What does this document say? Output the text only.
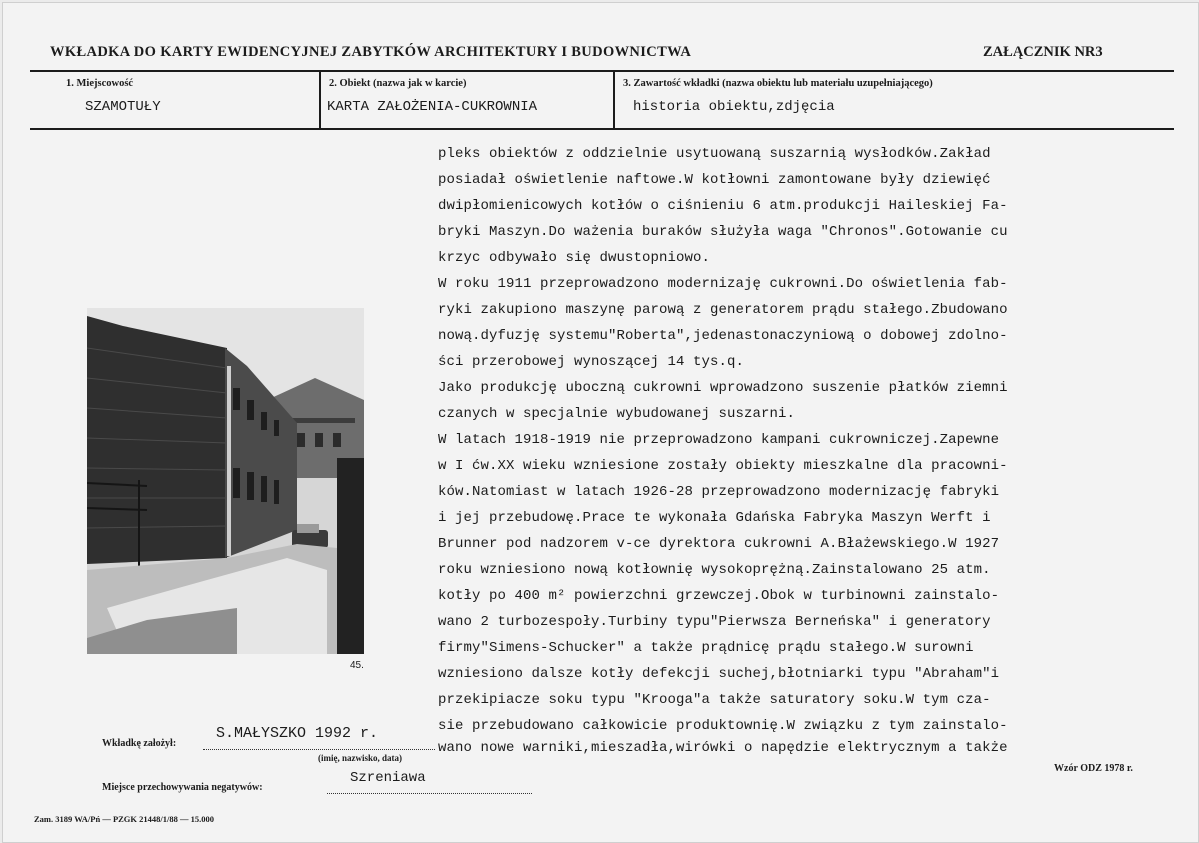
WKŁADKA DO KARTY EWIDENCYJNEJ ZABYTKÓW ARCHITEKTURY I BUDOWNICTWA	ZAŁĄCZNIK NR3
1. Miejscowość
SZAMOTUŁY
2. Obiekt (nazwa jak w karcie)
KARTA ZAŁOŻENIA-CUKROWNIA
3. Zawartość wkładki (nazwa obiektu lub materiału uzupełniającego)
historia obiektu,zdjęcia
45.
pleks obiektów z oddzielnie usytuowaną suszarnią wysłodków.Zakład
posiadał oświetlenie naftowe.W kotłowni zamontowane były dziewięć
dwipłomienicowych kotłów o ciśnieniu 6 atm.produkcji Haileskiej Fa-
bryki Maszyn.Do ważenia buraków służyła waga "Chronos".Gotowanie cu
krzyc odbywało się dwustopniowo.
W roku 1911 przeprowadzono modernizaję cukrowni.Do oświetlenia fab-
ryki zakupiono maszynę parową z generatorem prądu stałego.Zbudowano
nową.dyfuzję systemu"Roberta",jedenastonaczyniową o dobowej zdolno-
ści przerobowej wynoszącej 14 tys.q.
Jako produkcję uboczną cukrowni wprowadzono suszenie płatków ziemni
czanych w specjalnie wybudowanej suszarni.
W latach 1918-1919 nie przeprowadzono kampani cukrowniczej.Zapewne
w I ćw.XX wieku wzniesione zostały obiekty mieszkalne dla pracowni-
ków.Natomiast w latach 1926-28 przeprowadzono modernizację fabryki
i jej przebudowę.Prace te wykonała Gdańska Fabryka Maszyn Werft i
Brunner pod nadzorem v-ce dyrektora cukrowni A.Błażewskiego.W 1927
roku wzniesiono nową kotłownię wysokoprężną.Zainstalowano 25 atm.
kotły po 400 m² powierzchni grzewczej.Obok w turbinowni zainstalo-
wano 2 turbozespoły.Turbiny typu"Pierwsza Berneńska" i generatory
firmy"Simens-Schucker" a także prądnicę prądu stałego.W surowni
wzniesiono dalsze kotły defekcji suchej,błotniarki typu "Abraham"i
przekipiacze soku typu "Krooga"a także saturatory soku.W tym cza-
sie przebudowano całkowicie produktownię.W związku z tym zainstalo-
wano nowe warniki,mieszadła,wirówki o napędzie elektrycznym a także
Wkładkę założył:
S.MAŁYSZKO 1992 r.
(imię, nazwisko, data)
Miejsce przechowywania negatywów:
Szreniawa
Wzór ODZ 1978 r.
Zam. 3189 WA/Pń — PZGK 21448/1/88 — 15.000
